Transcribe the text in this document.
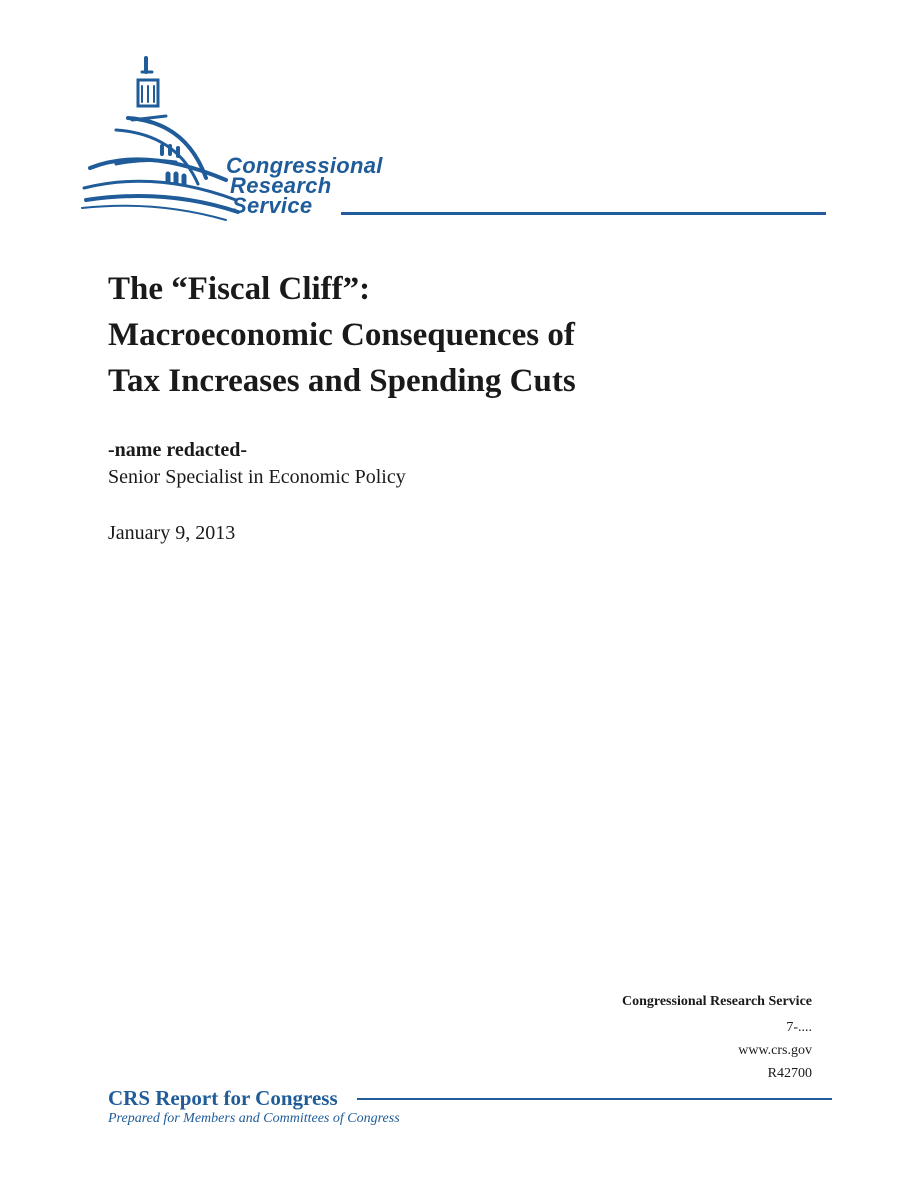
Congressional
Research
Service
The “Fiscal Cliff”:
Macroeconomic Consequences of
Tax Increases and Spending Cuts
-name redacted-
Senior Specialist in Economic Policy
January 9, 2013
Congressional Research Service
7-....
www.crs.gov
R42700
CRS Report for Congress
Prepared for Members and Committees of Congress
